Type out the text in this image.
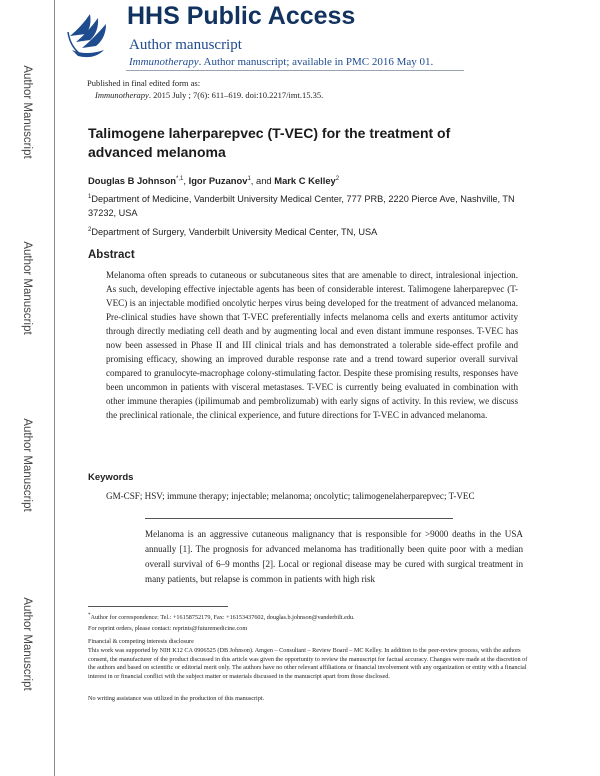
Author Manuscript
Author Manuscript
Author Manuscript
Author Manuscript
HHS Public Access
Author manuscript
Immunotherapy. Author manuscript; available in PMC 2016 May 01.
Published in final edited form as:
Immunotherapy. 2015 July ; 7(6): 611–619. doi:10.2217/imt.15.35.
Talimogene laherparepvec (T-VEC) for the treatment of advanced melanoma
Douglas B Johnson$^{*,1}$, Igor Puzanov$^1$, and Mark C Kelley$^2$
$^1$Department of Medicine, Vanderbilt University Medical Center, 777 PRB, 2220 Pierce Ave, Nashville, TN 37232, USA
$^2$Department of Surgery, Vanderbilt University Medical Center, TN, USA
Abstract
Melanoma often spreads to cutaneous or subcutaneous sites that are amenable to direct, intralesional injection. As such, developing effective injectable agents has been of considerable interest. Talimogene laherparepvec (T-VEC) is an injectable modified oncolytic herpes virus being developed for the treatment of advanced melanoma. Pre-clinical studies have shown that T-VEC preferentially infects melanoma cells and exerts antitumor activity through directly mediating cell death and by augmenting local and even distant immune responses. T-VEC has now been assessed in Phase II and III clinical trials and has demonstrated a tolerable side-effect profile and promising efficacy, showing an improved durable response rate and a trend toward superior overall survival compared to granulocyte-macrophage colony-stimulating factor. Despite these promising results, responses have been uncommon in patients with visceral metastases. T-VEC is currently being evaluated in combination with other immune therapies (ipilimumab and pembrolizumab) with early signs of activity. In this review, we discuss the preclinical rationale, the clinical experience, and future directions for T-VEC in advanced melanoma.
Keywords
GM-CSF; HSV; immune therapy; injectable; melanoma; oncolytic; talimogenelaherparepvec; T-VEC
Melanoma is an aggressive cutaneous malignancy that is responsible for >9000 deaths in the USA annually [1]. The prognosis for advanced melanoma has traditionally been quite poor with a median overall survival of 6–9 months [2]. Local or regional disease may be cured with surgical treatment in many patients, but relapse is common in patients with high risk
*Author for correspondence: Tel.: +16158752179, Fax: +16153437602, douglas.b.johnson@vanderbilt.edu.
For reprint orders, please contact: reprints@futuremedicine.com
Financial & competing interests disclosure
This work was supported by NIH K12 CA 0906525 (DB Johnson). Amgen – Consultant – Review Board – MC Kelley. In addition to the peer-review process, with the authors consent, the manufacturer of the product discussed in this article was given the opportunity to review the manuscript for factual accuracy. Changes were made at the discretion of the authors and based on scientific or editorial merit only. The authors have no other relevant affiliations or financial involvement with any organization or entity with a financial interest in or financial conflict with the subject matter or materials discussed in the manuscript apart from those disclosed.
No writing assistance was utilized in the production of this manuscript.
